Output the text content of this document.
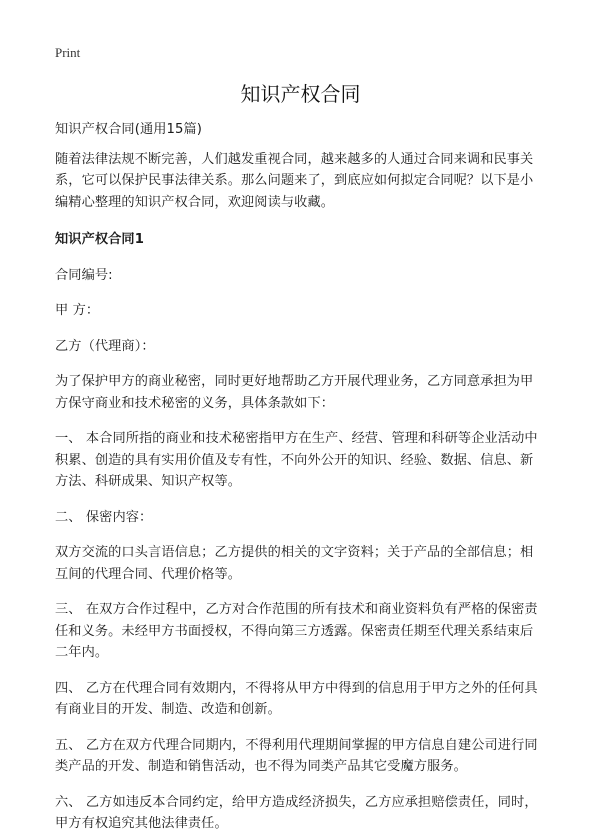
Print
知识产权合同

知识产权合同(通用15篇)

随着法律法规不断完善，人们越发重视合同，越来越多的人通过合同来调和民事关系，它可以保护民事法律关系。那么问题来了，到底应如何拟定合同呢？以下是小编精心整理的知识产权合同，欢迎阅读与收藏。

知识产权合同1

合同编号:

甲 方：

乙方（代理商）：

为了保护甲方的商业秘密，同时更好地帮助乙方开展代理业务，乙方同意承担为甲方保守商业和技术秘密的义务，具体条款如下：

一、 本合同所指的商业和技术秘密指甲方在生产、经营、管理和科研等企业活动中积累、创造的具有实用价值及专有性，不向外公开的知识、经验、数据、信息、新方法、科研成果、知识产权等。

二、 保密内容：

双方交流的口头言语信息；乙方提供的相关的文字资料；关于产品的全部信息；相互间的代理合同、代理价格等。

三、 在双方合作过程中，乙方对合作范围的所有技术和商业资料负有严格的保密责任和义务。未经甲方书面授权，不得向第三方透露。保密责任期至代理关系结束后二年内。

四、 乙方在代理合同有效期内，不得将从甲方中得到的信息用于甲方之外的任何具有商业目的开发、制造、改造和创新。

五、 乙方在双方代理合同期内，不得利用代理期间掌握的甲方信息自建公司进行同类产品的开发、制造和销售活动，也不得为同类产品其它受魔方服务。

六、 乙方如违反本合同约定，给甲方造成经济损失，乙方应承担赔偿责任，同时，甲方有权追究其他法律责任。
